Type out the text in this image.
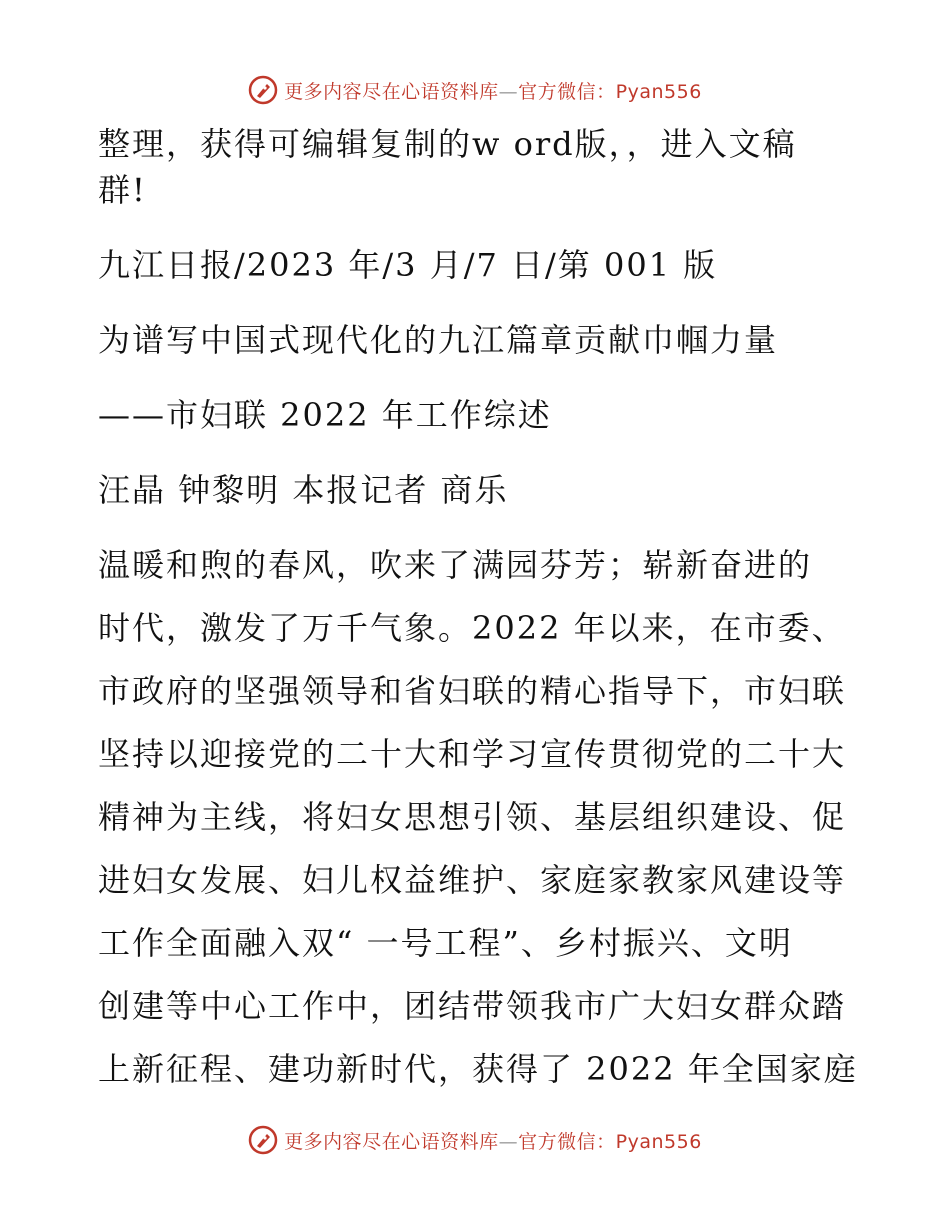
更多内容尽在心语资料库—官方微信：Pyan556
整理，获得可编辑复制的w ord版，，进入文稿
群!
九江日报/2023 年/3 月/7 日/第 001 版
为谱写中国式现代化的九江篇章贡献巾帼力量
——市妇联 2022 年工作综述
汪晶 钟黎明 本报记者 商乐
温暖和煦的春风，吹来了满园芬芳；崭新奋进的
时代，激发了万千气象。2022 年以来，在市委、
市政府的坚强领导和省妇联的精心指导下，市妇联
坚持以迎接党的二十大和学习宣传贯彻党的二十大
精神为主线，将妇女思想引领、基层组织建设、促
进妇女发展、妇儿权益维护、家庭家教家风建设等
工作全面融入双“ 一号工程”、乡村振兴、文明
创建等中心工作中，团结带领我市广大妇女群众踏
上新征程、建功新时代，获得了 2022 年全国家庭
更多内容尽在心语资料库—官方微信：Pyan556
